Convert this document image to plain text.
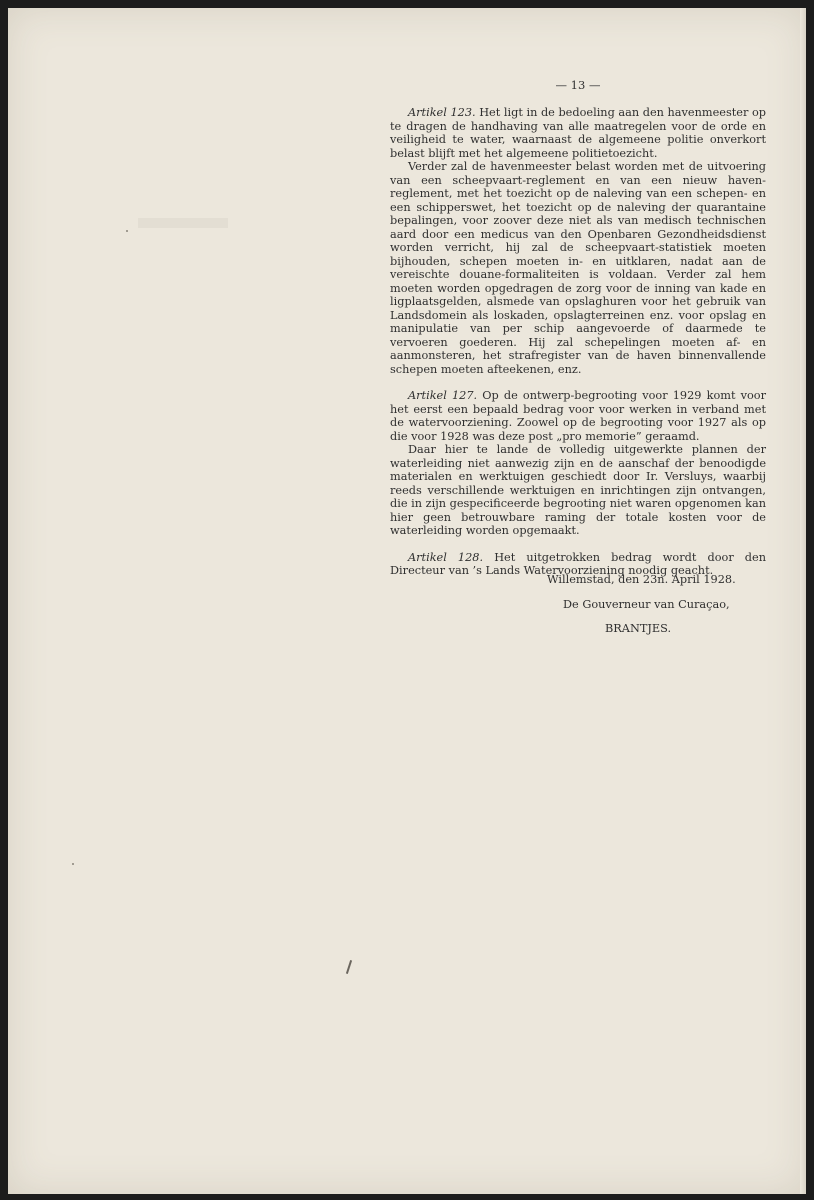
— 13 —

Artikel 123. Het ligt in de bedoeling aan den havenmeester op te dragen de handhaving van alle maatregelen voor de orde en veiligheid te water, waarnaast de algemeene politie onverkort belast blijft met het algemeene politietoezicht.

Verder zal de havenmeester belast worden met de uitvoering van een scheepvaart-reglement en van een nieuw haven-reglement, met het toezicht op de naleving van een schepen- en een schipperswet, het toezicht op de naleving der quarantaine bepalingen, voor zoover deze niet als van medisch technischen aard door een medicus van den Openbaren Gezondheidsdienst worden verricht, hij zal de scheepvaart-statistiek moeten bijhouden, schepen moeten in- en uitklaren, nadat aan de vereischte douane-formaliteiten is voldaan. Verder zal hem moeten worden opgedragen de zorg voor de inning van kade en ligplaatsgelden, alsmede van opslaghuren voor het gebruik van Landsdomein als loskaden, opslagterreinen enz. voor opslag en manipulatie van per schip aangevoerde of daarmede te vervoeren goederen. Hij zal schepelingen moeten af- en aanmonsteren, het strafregister van de haven binnenvallende schepen moeten afteekenen, enz.

Artikel 127. Op de ontwerp-begrooting voor 1929 komt voor het eerst een bepaald bedrag voor voor werken in verband met de watervoorziening. Zoowel op de begrooting voor 1927 als op die voor 1928 was deze post „pro memorie” geraamd.

Daar hier te lande de volledig uitgewerkte plannen der waterleiding niet aanwezig zijn en de aanschaf der benoodigde materialen en werktuigen geschiedt door Ir. Versluys, waarbij reeds verschillende werktuigen en inrichtingen zijn ontvangen, die in zijn gespecificeerde begrooting niet waren opgenomen kan hier geen betrouwbare raming der totale kosten voor de waterleiding worden opgemaakt.

Artikel 128. Het uitgetrokken bedrag wordt door den Directeur van ’s Lands Watervoorziening noodig geacht.

Willemstad, den 23n. April 1928.
De Gouverneur van Curaçao,
BRANTJES.
